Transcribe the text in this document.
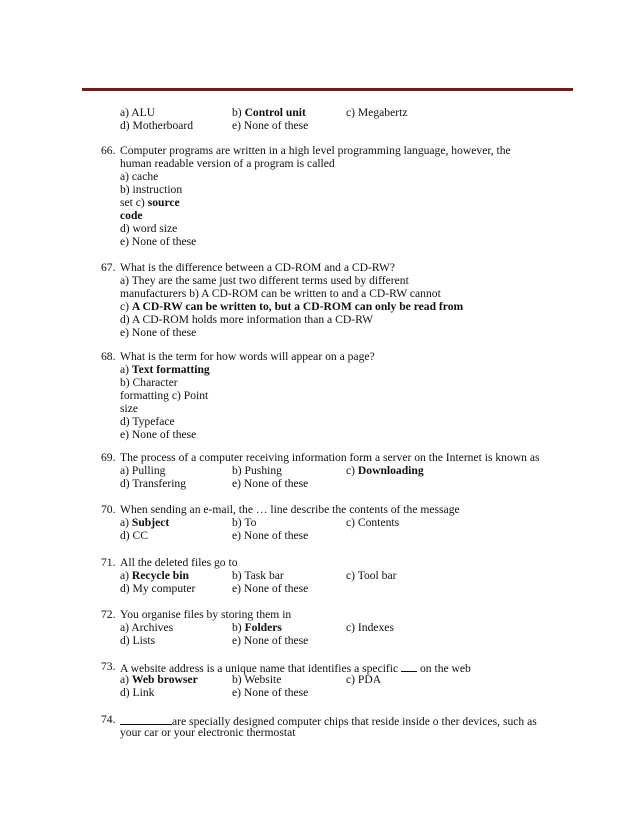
a) ALU	b) Control unit	c) Megabertz
d) Motherboard	e) None of these
66. Computer programs are written in a high level programming language, however, the
human readable version of a program is called
a) cache
b) instruction
set c) source
code
d) word size
e) None of these
67. What is the difference between a CD-ROM and a CD-RW?
a) They are the same just two different terms used by different
manufacturers b) A CD-ROM can be written to and a CD-RW cannot
c) A CD-RW can be written to, but a CD-ROM can only be read from
d) A CD-ROM holds more information than a CD-RW
e) None of these
68. What is the term for how words will appear on a page?
a) Text formatting
b) Character
formatting c) Point
size
d) Typeface
e) None of these
69. The process of a computer receiving information form a server on the Internet is known as
a) Pulling	b) Pushing	c) Downloading
d) Transfering	e) None of these
70. When sending an e-mail, the … line describe the contents of the message
a) Subject	b) To	c) Contents
d) CC	e) None of these
71. All the deleted files go to
a) Recycle bin	b) Task bar	c) Tool bar
d) My computer	e) None of these
72. You organise files by storing them in
a) Archives	b) Folders	c) Indexes
d) Lists	e) None of these
73. A website address is a unique name that identifies a specific  on the web
a) Web browser	b) Website	c) PDA
d) Link	e) None of these
74.	are specially designed computer chips that reside inside o ther devices, such as
your car or your electronic thermostat
